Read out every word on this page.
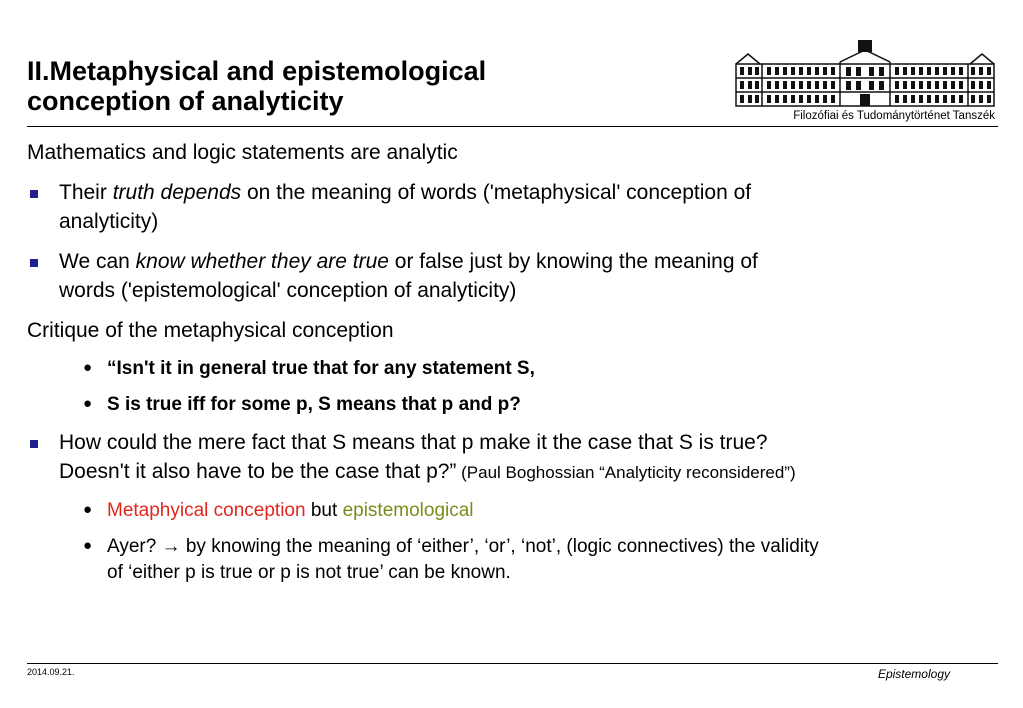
II.Metaphysical and epistemological
conception of analyticity	Filozófiai és Tudománytörténet Tanszék
Mathematics and logic statements are analytic
Their truth depends on the meaning of words ('metaphysical' conception of
analyticity)
We can know whether they are true or false just by knowing the meaning of
words ('epistemological' conception of analyticity)
Critique of the metaphysical conception
● “Isn't it in general true that for any statement S,
● S is true iff for some p, S means that p and p?
How could the mere fact that S means that p make it the case that S is true?
Doesn't it also have to be the case that p?” (Paul Boghossian “Analyticity reconsidered”)
● Metaphyical conception but epistemological
● Ayer? → by knowing the meaning of ‘either’, ‘or’, ‘not’, (logic connectives) the validity
of ‘either p is true or p is not true’ can be known.
2014.09.21.	Epistemology
